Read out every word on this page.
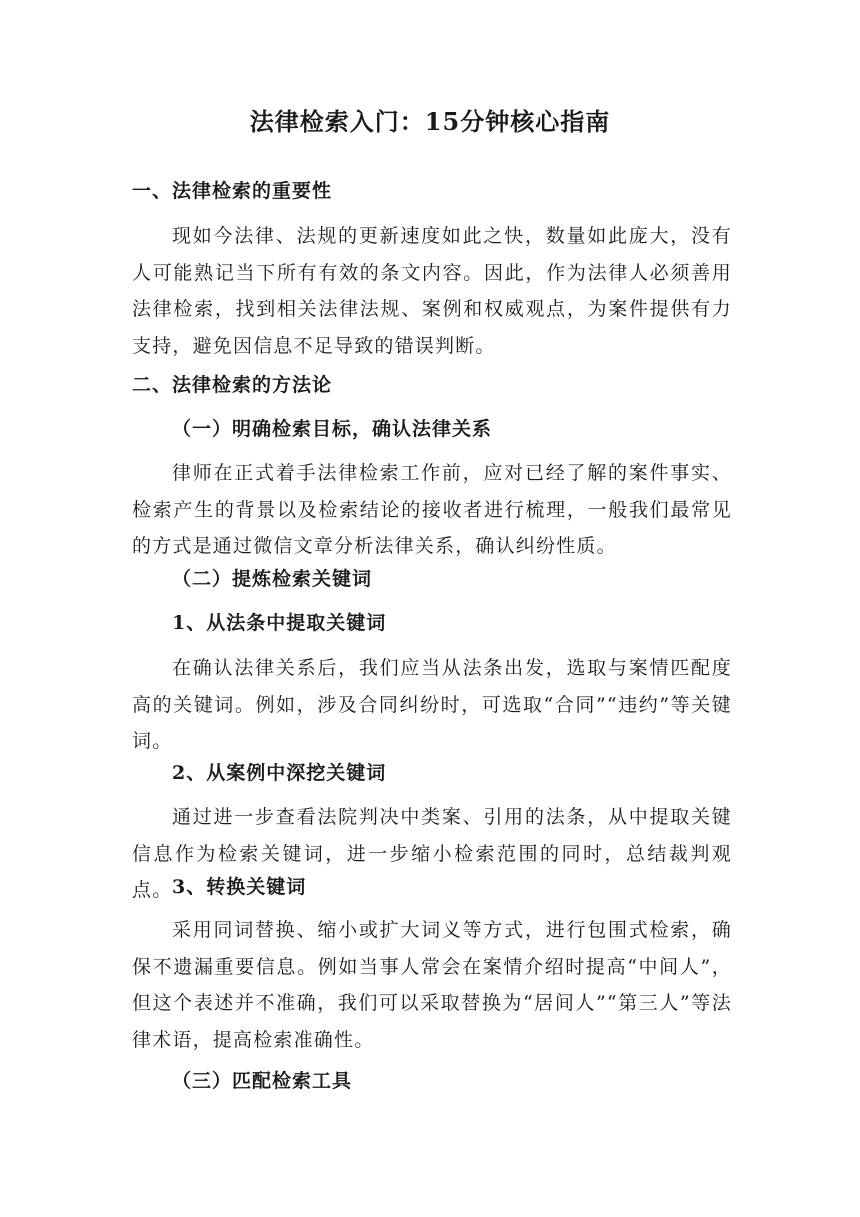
法律检索入门：15分钟核心指南
一、法律检索的重要性

现如今法律、法规的更新速度如此之快，数量如此庞大，没有人可能熟记当下所有有效的条文内容。因此，作为法律人必须善用法律检索，找到相关法律法规、案例和权威观点，为案件提供有力支持，避免因信息不足导致的错误判断。

二、法律检索的方法论
（一）明确检索目标，确认法律关系

律师在正式着手法律检索工作前，应对已经了解的案件事实、检索产生的背景以及检索结论的接收者进行梳理，一般我们最常见的方式是通过微信文章分析法律关系，确认纠纷性质。

（二）提炼检索关键词
1、从法条中提取关键词

在确认法律关系后，我们应当从法条出发，选取与案情匹配度高的关键词。例如，涉及合同纠纷时，可选取“合同”“违约”等关键词。

2、从案例中深挖关键词

通过进一步查看法院判决中类案、引用的法条，从中提取关键信息作为检索关键词，进一步缩小检索范围的同时，总结裁判观点。 3、转换关键词

采用同词替换、缩小或扩大词义等方式，进行包围式检索，确保不遗漏重要信息。例如当事人常会在案情介绍时提高“中间人”，但这个表述并不准确，我们可以采取替换为“居间人”“第三人”等法律术语，提高检索准确性。

（三）匹配检索工具
